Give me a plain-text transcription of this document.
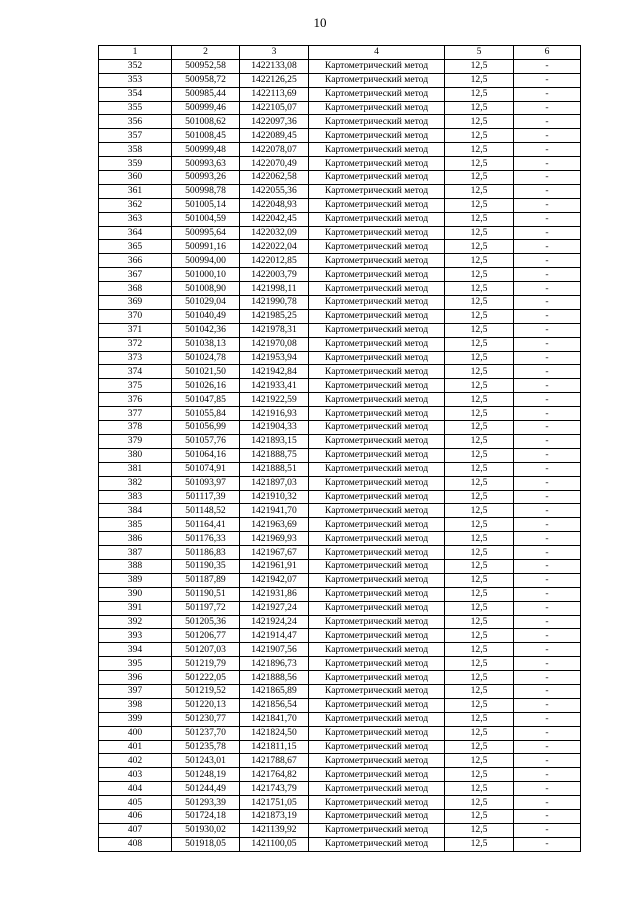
10
1	2	3	4	5	6
352	500952,58	1422133,08	Картометрический метод	12,5	-
353	500958,72	1422126,25	Картометрический метод	12,5	-
354	500985,44	1422113,69	Картометрический метод	12,5	-
355	500999,46	1422105,07	Картометрический метод	12,5	-
356	501008,62	1422097,36	Картометрический метод	12,5	-
357	501008,45	1422089,45	Картометрический метод	12,5	-
358	500999,48	1422078,07	Картометрический метод	12,5	-
359	500993,63	1422070,49	Картометрический метод	12,5	-
360	500993,26	1422062,58	Картометрический метод	12,5	-
361	500998,78	1422055,36	Картометрический метод	12,5	-
362	501005,14	1422048,93	Картометрический метод	12,5	-
363	501004,59	1422042,45	Картометрический метод	12,5	-
364	500995,64	1422032,09	Картометрический метод	12,5	-
365	500991,16	1422022,04	Картометрический метод	12,5	-
366	500994,00	1422012,85	Картометрический метод	12,5	-
367	501000,10	1422003,79	Картометрический метод	12,5	-
368	501008,90	1421998,11	Картометрический метод	12,5	-
369	501029,04	1421990,78	Картометрический метод	12,5	-
370	501040,49	1421985,25	Картометрический метод	12,5	-
371	501042,36	1421978,31	Картометрический метод	12,5	-
372	501038,13	1421970,08	Картометрический метод	12,5	-
373	501024,78	1421953,94	Картометрический метод	12,5	-
374	501021,50	1421942,84	Картометрический метод	12,5	-
375	501026,16	1421933,41	Картометрический метод	12,5	-
376	501047,85	1421922,59	Картометрический метод	12,5	-
377	501055,84	1421916,93	Картометрический метод	12,5	-
378	501056,99	1421904,33	Картометрический метод	12,5	-
379	501057,76	1421893,15	Картометрический метод	12,5	-
380	501064,16	1421888,75	Картометрический метод	12,5	-
381	501074,91	1421888,51	Картометрический метод	12,5	-
382	501093,97	1421897,03	Картометрический метод	12,5	-
383	501117,39	1421910,32	Картометрический метод	12,5	-
384	501148,52	1421941,70	Картометрический метод	12,5	-
385	501164,41	1421963,69	Картометрический метод	12,5	-
386	501176,33	1421969,93	Картометрический метод	12,5	-
387	501186,83	1421967,67	Картометрический метод	12,5	-
388	501190,35	1421961,91	Картометрический метод	12,5	-
389	501187,89	1421942,07	Картометрический метод	12,5	-
390	501190,51	1421931,86	Картометрический метод	12,5	-
391	501197,72	1421927,24	Картометрический метод	12,5	-
392	501205,36	1421924,24	Картометрический метод	12,5	-
393	501206,77	1421914,47	Картометрический метод	12,5	-
394	501207,03	1421907,56	Картометрический метод	12,5	-
395	501219,79	1421896,73	Картометрический метод	12,5	-
396	501222,05	1421888,56	Картометрический метод	12,5	-
397	501219,52	1421865,89	Картометрический метод	12,5	-
398	501220,13	1421856,54	Картометрический метод	12,5	-
399	501230,77	1421841,70	Картометрический метод	12,5	-
400	501237,70	1421824,50	Картометрический метод	12,5	-
401	501235,78	1421811,15	Картометрический метод	12,5	-
402	501243,01	1421788,67	Картометрический метод	12,5	-
403	501248,19	1421764,82	Картометрический метод	12,5	-
404	501244,49	1421743,79	Картометрический метод	12,5	-
405	501293,39	1421751,05	Картометрический метод	12,5	-
406	501724,18	1421873,19	Картометрический метод	12,5	-
407	501930,02	1421139,92	Картометрический метод	12,5	-
408	501918,05	1421100,05	Картометрический метод	12,5	-
